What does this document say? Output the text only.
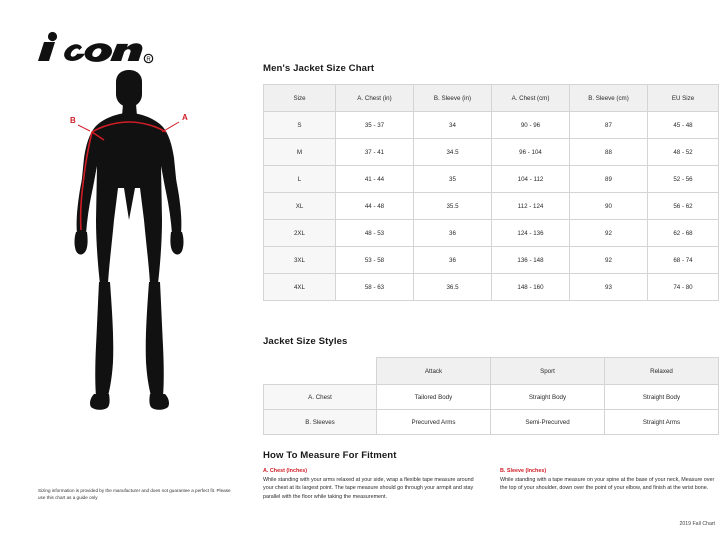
R
A
B
Sizing information is provided by the manufacturer and does not guarantee a perfect fit. Please use this chart as a guide only
Men's Jacket Size Chart
Size	A. Chest (in)	B. Sleeve (in)	A. Chest (cm)	B. Sleeve (cm)	EU Size
S	35 - 37	34	90 - 96	87	45 - 48
M	37 - 41	34.5	96 - 104	88	48 - 52
L	41 - 44	35	104 - 112	89	52 - 56
XL	44 - 48	35.5	112 - 124	90	56 - 62
2XL	48 - 53	36	124 - 136	92	62 - 68
3XL	53 - 58	36	136 - 148	92	68 - 74
4XL	58 - 63	36.5	148 - 160	93	74 - 80
Jacket Size Styles
	Attack	Sport	Relaxed
A. Chest	Tailored Body	Straight Body	Straight Body
B. Sleeves	Precurved Arms	Semi-Precurved	Straight Arms
How To Measure For Fitment
A. Chest (Inches)
While standing with your arms relaxed at your side, wrap a flexible tape measure around your chest at its largest point. The tape measure should go through your armpit and stay parallel with the floor while taking the measurement.
B. Sleeve (Inches)
While standing with a tape measure on your spine at the base of your neck, Measure over the top of your shoulder, down over the point of your elbow, and finish at the wrist bone.
2019 Fall Chart
